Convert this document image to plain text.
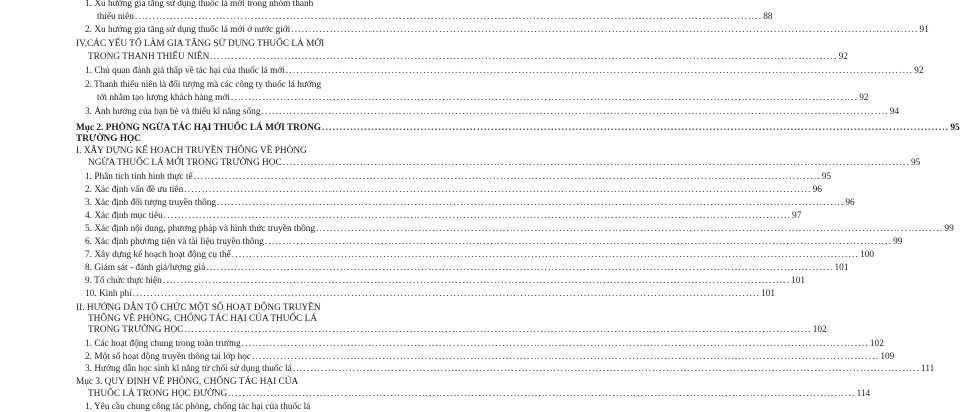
1. Xu hướng gia tăng sử dụng thuốc lá mới trong nhóm thanh
thiếu niên .....	88
2. Xu hướng gia tăng sử dụng thuốc lá mới ở nước giới .....	91
IV.CÁC YẾU TỐ LÀM GIA TĂNG SỬ DỤNG THUỐC LÁ MỚI
TRONG THANH THIẾU NIÊN .....	92
1. Chủ quan đánh giá thấp về tác hại của thuốc lá mới .....	92
2. Thanh thiếu niên là đối tượng mà các công ty thuốc lá hướng
tới nhằm tạo lượng khách hàng mới .....	92
3. Ảnh hưởng của bạn bè và thiếu kĩ năng sống .....	94
Mục 2. PHÒNG NGỪA TÁC HẠI THUỐC LÁ MỚI TRONG .....	95
TRƯỜNG HỌC
I. XÂY DỰNG KẾ HOẠCH TRUYỀN THÔNG VỀ PHÒNG
NGỪA THUỐC LÁ MỚI TRONG TRƯỜNG HỌC .....	95
1. Phân tích tình hình thực tế .....	95
2. Xác định vấn đề ưu tiên .....	96
3. Xác định đối tượng truyền thông .....	96
4. Xác định mục tiêu .....	97
5. Xác định nội dung, phương pháp và hình thức truyền thông .....	99
6. Xác định phương tiện và tài liệu truyền thông .....	99
7. Xây dựng kế hoạch hoạt động cụ thể .....	100
8. Giám sát - đánh giá/lượng giá .....	101
9. Tổ chức thực hiện .....	101
10. Kinh phí .....	101
II. HƯỚNG DẪN TỔ CHỨC MỘT SỐ HOẠT ĐỘNG TRUYỀN
THÔNG VỀ PHÒNG, CHỐNG TÁC HẠI CỦA THUỐC LÁ
TRONG TRƯỜNG HỌC .....	102
1. Các hoạt động chung trong toàn trường .....	102
2. Một số hoạt động truyền thông tại lớp học .....	109
3. Hướng dẫn học sinh kĩ năng từ chối sử dụng thuốc lá .....	111
Mục 3. QUY ĐỊNH VỀ PHÒNG, CHỐNG TÁC HẠI CỦA
THUỐC LÁ TRONG HỌC ĐƯỜNG .....	114
1. Yêu cầu chung công tác phòng, chống tác hại của thuốc lá
